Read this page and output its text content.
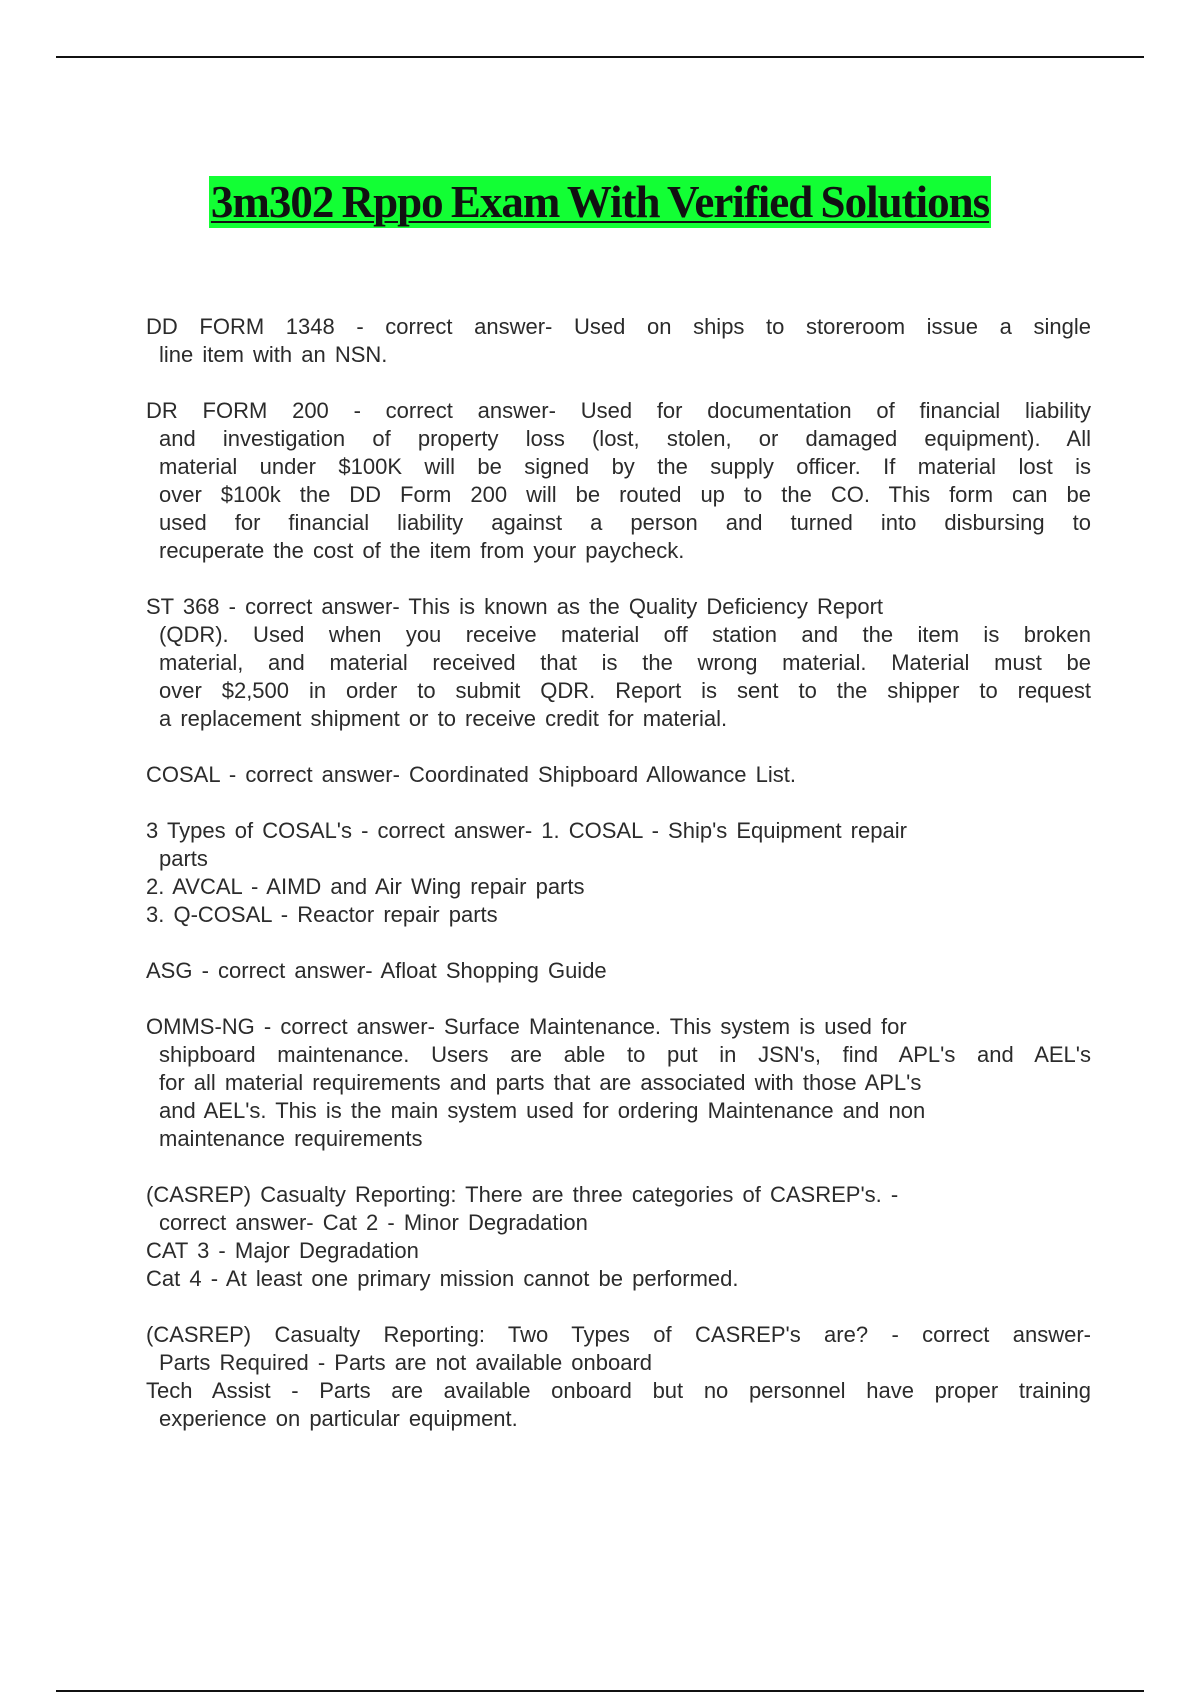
3m302 Rppo Exam With Verified Solutions
DD FORM 1348 - correct answer- Used on ships to storeroom issue a single
line item with an NSN.
DR FORM 200 - correct answer- Used for documentation of financial liability
and investigation of property loss (lost, stolen, or damaged equipment). All
material under $100K will be signed by the supply officer. If material lost is
over $100k the DD Form 200 will be routed up to the CO. This form can be
used for financial liability against a person and turned into disbursing to
recuperate the cost of the item from your paycheck.
ST 368 - correct answer- This is known as the Quality Deficiency Report
(QDR). Used when you receive material off station and the item is broken
material, and material received that is the wrong material. Material must be
over $2,500 in order to submit QDR. Report is sent to the shipper to request
a replacement shipment or to receive credit for material.
COSAL - correct answer- Coordinated Shipboard Allowance List.
3 Types of COSAL's - correct answer- 1. COSAL - Ship's Equipment repair
parts
2. AVCAL - AIMD and Air Wing repair parts
3. Q-COSAL - Reactor repair parts
ASG - correct answer- Afloat Shopping Guide
OMMS-NG - correct answer- Surface Maintenance. This system is used for
shipboard maintenance. Users are able to put in JSN's, find APL's and AEL's
for all material requirements and parts that are associated with those APL's
and AEL's. This is the main system used for ordering Maintenance and non
maintenance requirements
(CASREP) Casualty Reporting: There are three categories of CASREP's. -
correct answer- Cat 2 - Minor Degradation
CAT 3 - Major Degradation
Cat 4 - At least one primary mission cannot be performed.
(CASREP) Casualty Reporting: Two Types of CASREP's are? - correct answer-
Parts Required - Parts are not available onboard
Tech Assist - Parts are available onboard but no personnel have proper training
experience on particular equipment.
